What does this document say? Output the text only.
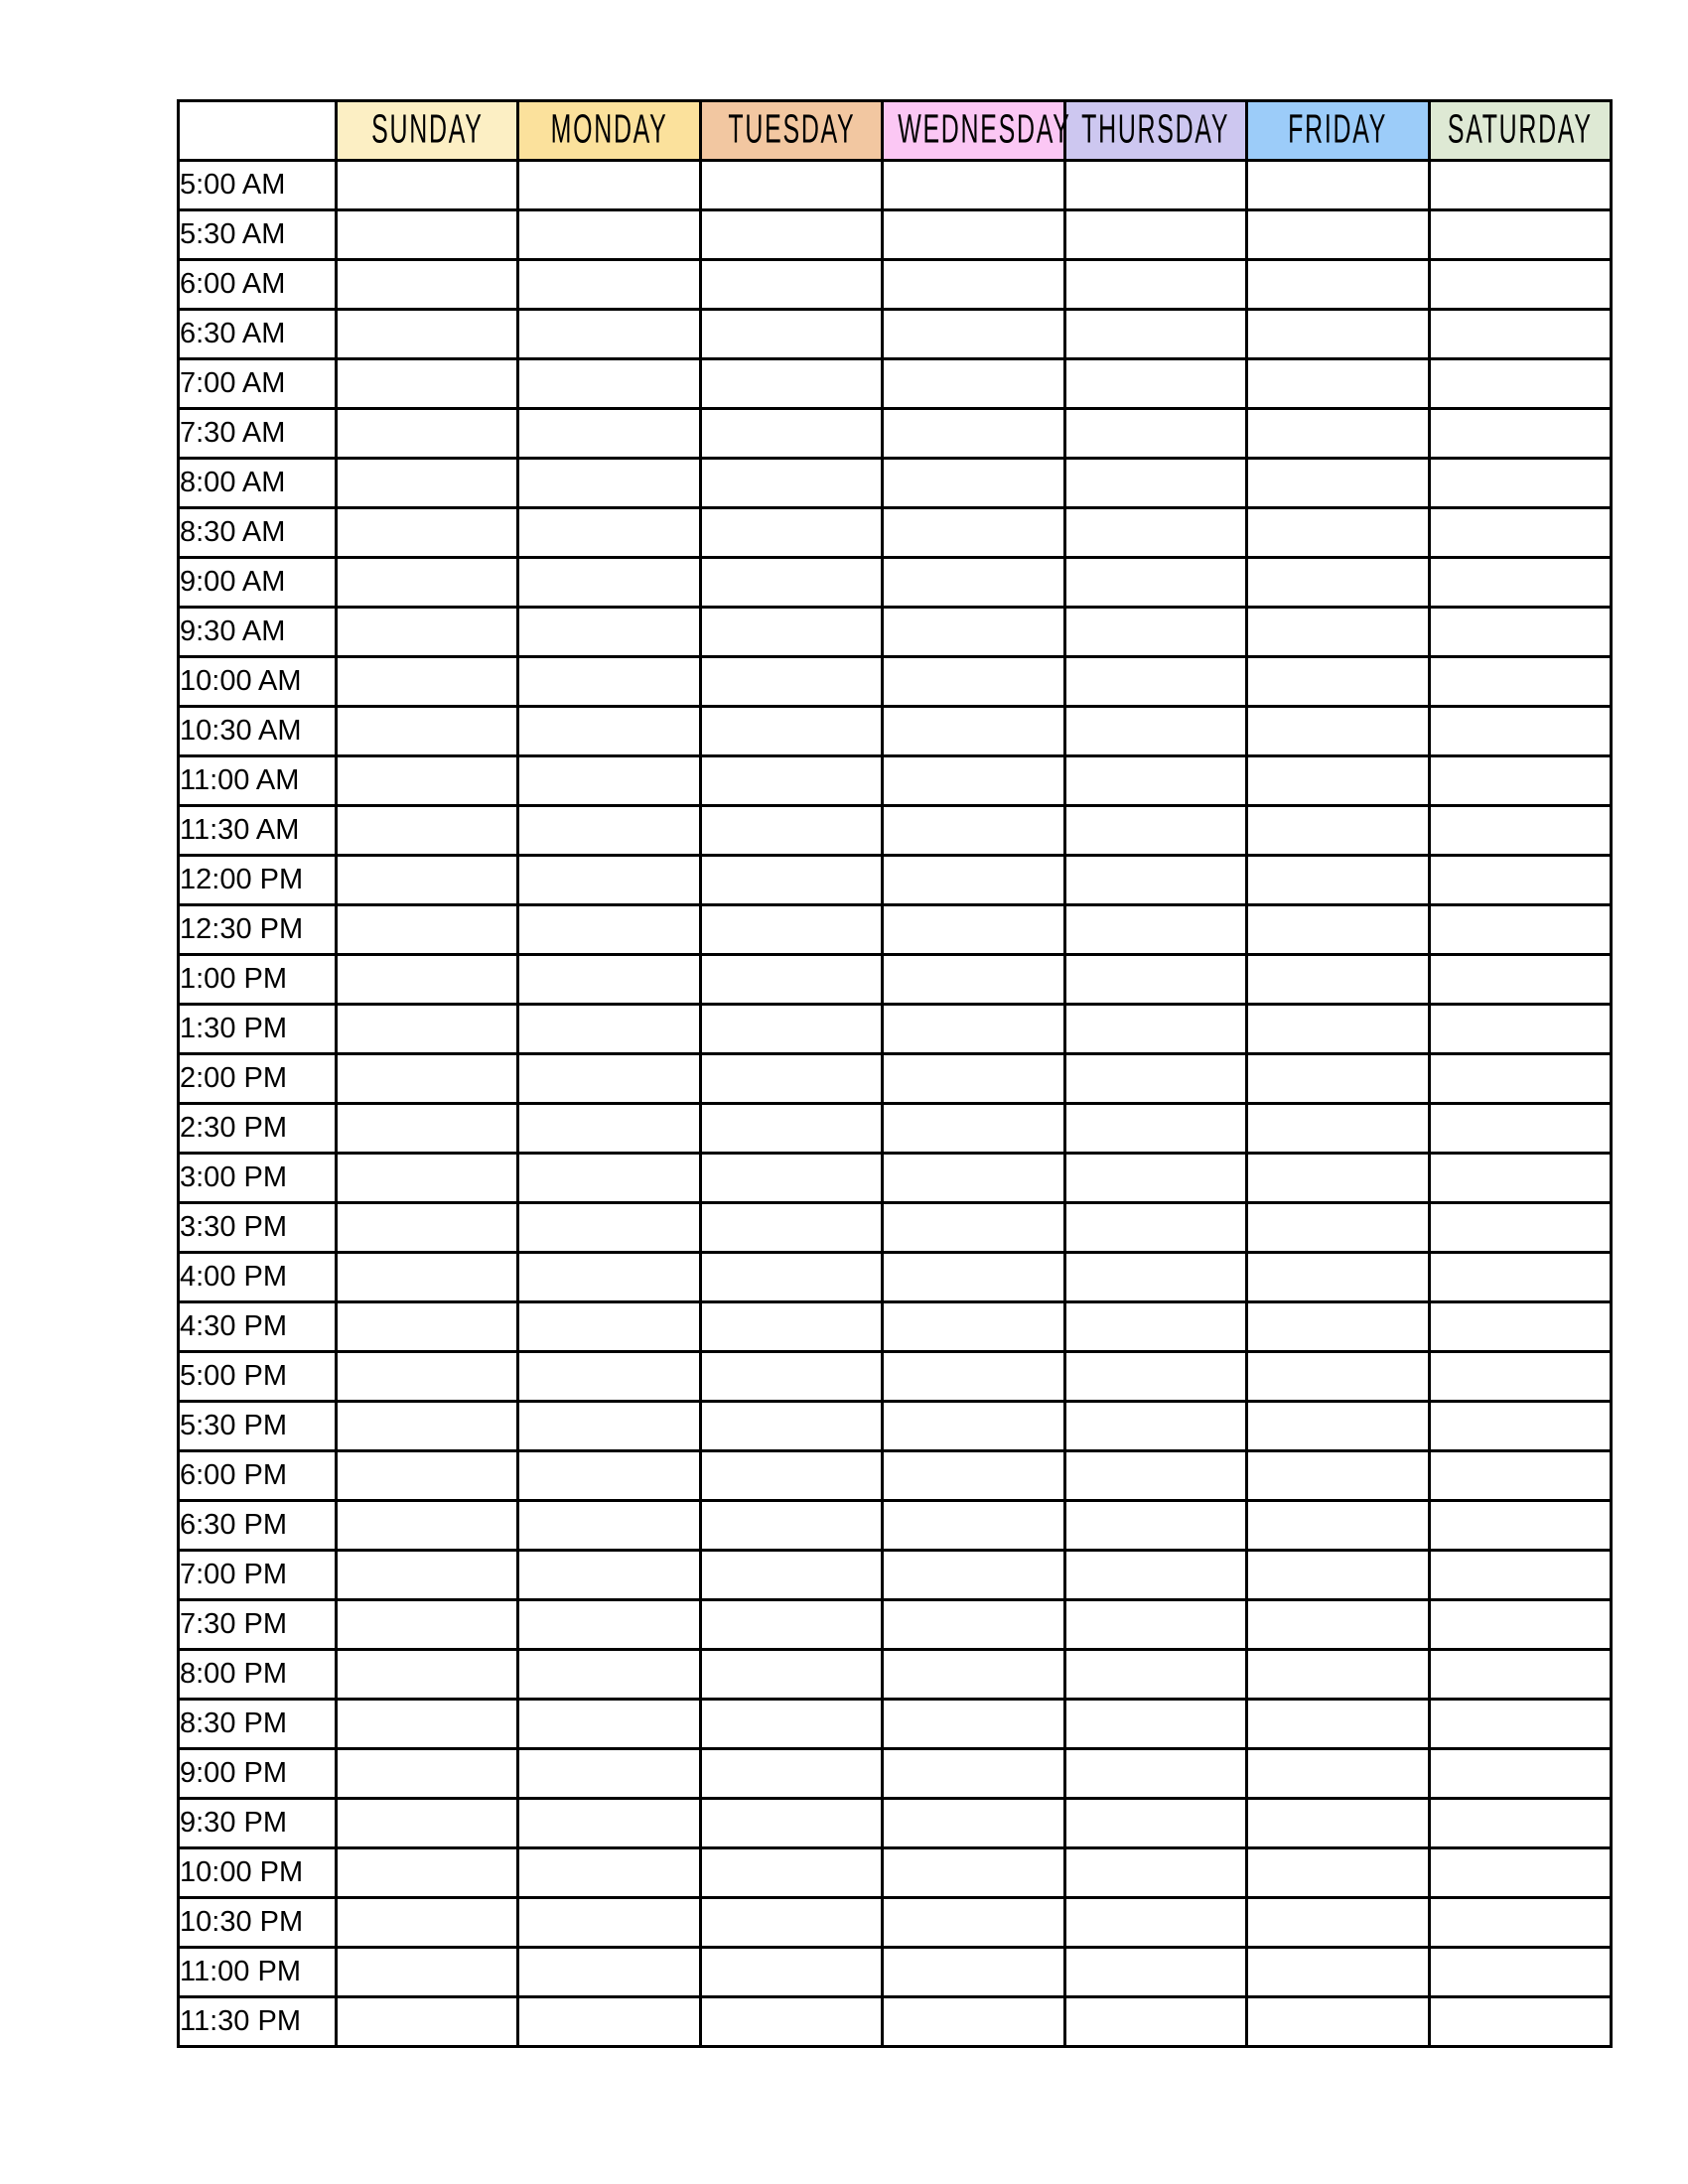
	SUNDAY	MONDAY	TUESDAY	WEDNESDAY	THURSDAY	FRIDAY	SATURDAY
5:00 AM							
5:30 AM							
6:00 AM							
6:30 AM							
7:00 AM							
7:30 AM							
8:00 AM							
8:30 AM							
9:00 AM							
9:30 AM							
10:00 AM							
10:30 AM							
11:00 AM							
11:30 AM							
12:00 PM							
12:30 PM							
1:00 PM							
1:30 PM							
2:00 PM							
2:30 PM							
3:00 PM							
3:30 PM							
4:00 PM							
4:30 PM							
5:00 PM							
5:30 PM							
6:00 PM							
6:30 PM							
7:00 PM							
7:30 PM							
8:00 PM							
8:30 PM							
9:00 PM							
9:30 PM							
10:00 PM							
10:30 PM							
11:00 PM							
11:30 PM							
